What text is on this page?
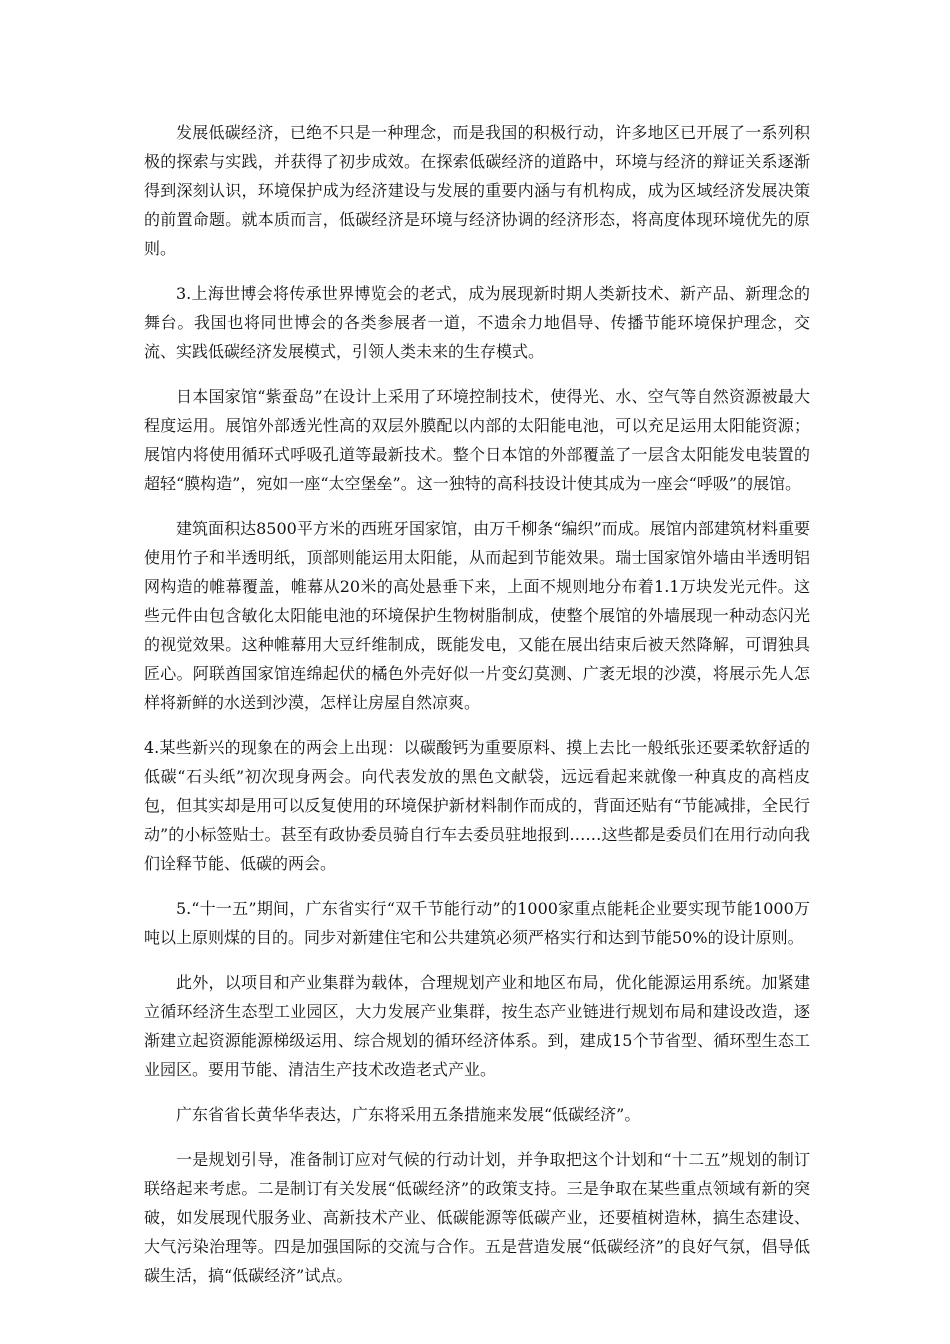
发展低碳经济，已绝不只是一种理念，而是我国的积极行动，许多地区已开展了一系列积极的探索与实践，并获得了初步成效。在探索低碳经济的道路中，环境与经济的辩证关系逐渐得到深刻认识，环境保护成为经济建设与发展的重要内涵与有机构成，成为区域经济发展决策的前置命题。就本质而言，低碳经济是环境与经济协调的经济形态，将高度体现环境优先的原则。

3.上海世博会将传承世界博览会的老式，成为展现新时期人类新技术、新产品、新理念的舞台。我国也将同世博会的各类参展者一道，不遗余力地倡导、传播节能环境保护理念，交流、实践低碳经济发展模式，引领人类未来的生存模式。

日本国家馆“紫蚕岛”在设计上采用了环境控制技术，使得光、水、空气等自然资源被最大程度运用。展馆外部透光性高的双层外膜配以内部的太阳能电池，可以充足运用太阳能资源；展馆内将使用循环式呼吸孔道等最新技术。整个日本馆的外部覆盖了一层含太阳能发电装置的超轻“膜构造”，宛如一座“太空堡垒”。这一独特的高科技设计使其成为一座会“呼吸”的展馆。

建筑面积达8500平方米的西班牙国家馆，由万千柳条“编织”而成。展馆内部建筑材料重要使用竹子和半透明纸，顶部则能运用太阳能，从而起到节能效果。瑞士国家馆外墙由半透明铝网构造的帷幕覆盖，帷幕从20米的高处悬垂下来，上面不规则地分布着1.1万块发光元件。这些元件由包含敏化太阳能电池的环境保护生物树脂制成，使整个展馆的外墙展现一种动态闪光的视觉效果。这种帷幕用大豆纤维制成，既能发电，又能在展出结束后被天然降解，可谓独具匠心。阿联酋国家馆连绵起伏的橘色外壳好似一片变幻莫测、广袤无垠的沙漠，将展示先人怎样将新鲜的水送到沙漠，怎样让房屋自然凉爽。

4.某些新兴的现象在的两会上出现：以碳酸钙为重要原料、摸上去比一般纸张还要柔软舒适的低碳“石头纸”初次现身两会。向代表发放的黑色文献袋，远远看起来就像一种真皮的高档皮包，但其实却是用可以反复使用的环境保护新材料制作而成的，背面还贴有“节能减排，全民行动”的小标签贴士。甚至有政协委员骑自行车去委员驻地报到……这些都是委员们在用行动向我们诠释节能、低碳的两会。

5.“十一五”期间，广东省实行“双千节能行动”的1000家重点能耗企业要实现节能1000万吨以上原则煤的目的。同步对新建住宅和公共建筑必须严格实行和达到节能50%的设计原则。

此外，以项目和产业集群为载体，合理规划产业和地区布局，优化能源运用系统。加紧建立循环经济生态型工业园区，大力发展产业集群，按生态产业链进行规划布局和建设改造，逐渐建立起资源能源梯级运用、综合规划的循环经济体系。到，建成15个节省型、循环型生态工业园区。要用节能、清洁生产技术改造老式产业。

广东省省长黄华华表达，广东将采用五条措施来发展“低碳经济”。

一是规划引导，准备制订应对气候的行动计划，并争取把这个计划和“十二五”规划的制订联络起来考虑。二是制订有关发展“低碳经济”的政策支持。三是争取在某些重点领域有新的突破，如发展现代服务业、高新技术产业、低碳能源等低碳产业，还要植树造林，搞生态建设、大气污染治理等。四是加强国际的交流与合作。五是营造发展“低碳经济”的良好气氛，倡导低碳生活，搞“低碳经济”试点。
